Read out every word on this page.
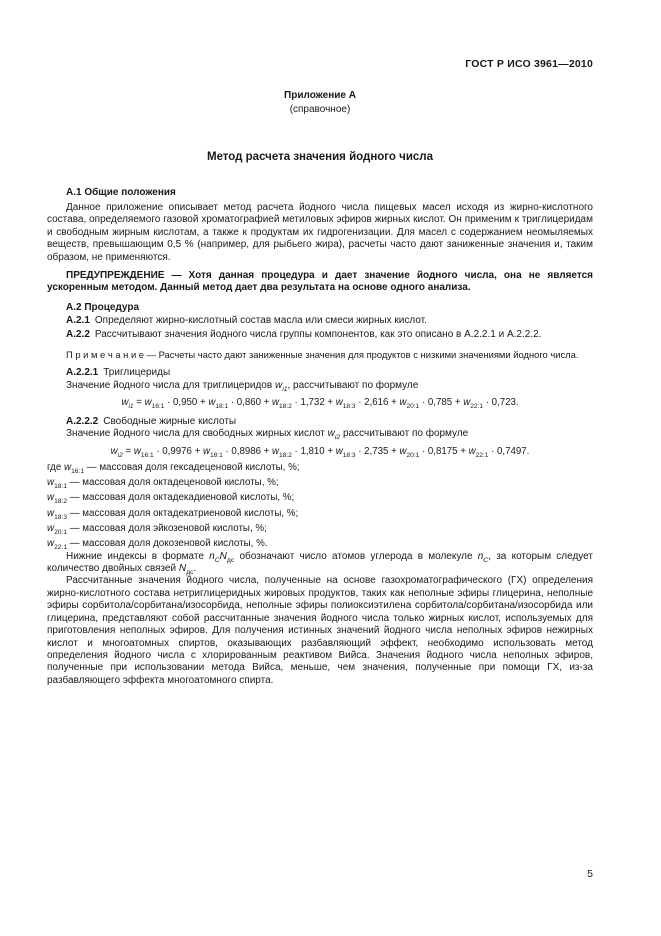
ГОСТ Р ИСО 3961—2010
Приложение А
(справочное)
Метод расчета значения йодного числа
А.1 Общие положения

Данное приложение описывает метод расчета йодного числа пищевых масел исходя из жирно-кислотного состава, определяемого газовой хроматографией метиловых эфиров жирных кислот. Он применим к триглицеридам и свободным жирным кислотам, а также к продуктам их гидрогенизации. Для масел с содержанием неомыляемых веществ, превышающим 0,5 % (например, для рыбьего жира), расчеты часто дают заниженные значения и, таким образом, не применяются.

ПРЕДУПРЕЖДЕНИЕ — Хотя данная процедура и дает значение йодного числа, она не является ускоренным методом. Данный метод дает два результата на основе одного анализа.

А.2 Процедура

А.2.1 Определяют жирно-кислотный состав масла или смеси жирных кислот.

А.2.2 Рассчитывают значения йодного числа группы компонентов, как это описано в А.2.2.1 и А.2.2.2.

П р и м е ч а н и е — Расчеты часто дают заниженные значения для продуктов с низкими значениями йодного числа.

А.2.2.1 Триглицериды

Значение йодного числа для триглицеридов $w_{i1}$, рассчитывают по формуле

$w_{i1} = w_{16:1} \cdot 0,950 + w_{18:1} \cdot 0,860 + w_{18:2} \cdot 1,732 + w_{18:3} \cdot 2,616 + w_{20:1} \cdot 0,785 + w_{22:1} \cdot 0,723$.

А.2.2.2 Свободные жирные кислоты

Значение йодного числа для свободных жирных кислот $w_{i2}$ рассчитывают по формуле

$w_{i2} = w_{16:1} \cdot 0,9976 + w_{18:1} \cdot 0,8986 + w_{18:2} \cdot 1,810 + w_{18:3} \cdot 2,735 + w_{20:1} \cdot 0,8175 + w_{22:1} \cdot 0,7497$.

где $w_{16:1}$ — массовая доля гексадеценовой кислоты, %;

$w_{18:1}$ — массовая доля октадеценовой кислоты, %;

$w_{18:2}$ — массовая доля октадекадиеновой кислоты, %;

$w_{18:3}$ — массовая доля октадекатриеновой кислоты, %;

$w_{20:1}$ — массовая доля эйкозеновой кислоты, %;

$w_{22:1}$ — массовая доля докозеновой кислоты, %.

Нижние индексы в формате $n_CN_{дс}$ обозначают число атомов углерода в молекуле $n_C$, за которым следует количество двойных связей $N_{дс}$.

Рассчитанные значения йодного числа, полученные на основе газохроматографического (ГХ) определения жирно-кислотного состава нетриглицеридных жировых продуктов, таких как неполные эфиры глицерина, неполные эфиры сорбитола/сорбитана/изосорбида, неполные эфиры полиоксиэтилена сорбитола/сорбитана/изосорбида или глицерина, представляют собой рассчитанные значения йодного числа только жирных кислот, используемых для приготовления неполных эфиров. Для получения истинных значений йодного числа неполных эфиров нежирных кислот и многоатомных спиртов, оказывающих разбавляющий эффект, необходимо использовать метод определения йодного числа с хлорированным реактивом Вийса. Значения йодного числа неполных эфиров, полученные при использовании метода Вийса, меньше, чем значения, полученные при помощи ГХ, из-за разбавляющего эффекта многоатомного спирта.

5
